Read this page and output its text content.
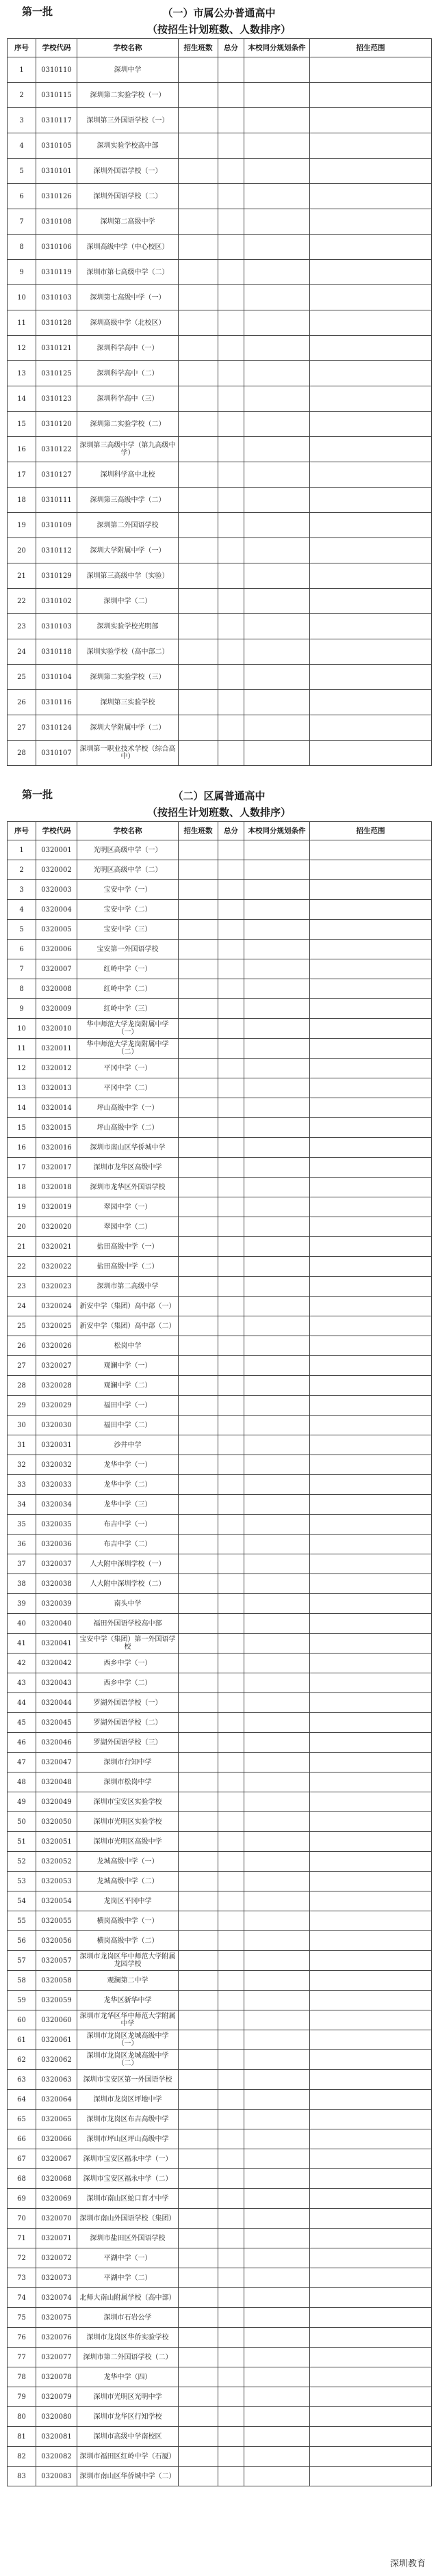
第一批	（一）市属公办普通高中
（按招生计划班数、人数排序）
序号	学校代码	学校名称	招生班数	总分	本校同分规划条件	招生范围
1	0310110	深圳中学				
2	0310115	深圳第二实验学校（一）				
3	0310117	深圳第三外国语学校（一）				
4	0310105	深圳实验学校高中部				
5	0310101	深圳外国语学校（一）				
6	0310126	深圳外国语学校（二）				
7	0310108	深圳第二高级中学				
8	0310106	深圳高级中学（中心校区）				
9	0310119	深圳市第七高级中学（二）				
10	0310103	深圳第七高级中学（一）				
11	0310128	深圳高级中学（北校区）				
12	0310121	深圳科学高中（一）				
13	0310125	深圳科学高中（二）				
14	0310123	深圳科学高中（三）				
15	0310120	深圳第二实验学校（二）				
16	0310122	深圳第三高级中学（第九高级中学）				
17	0310127	深圳科学高中北校				
18	0310111	深圳第三高级中学（二）				
19	0310109	深圳第二外国语学校				
20	0310112	深圳大学附属中学（一）				
21	0310129	深圳第三高级中学（实验）				
22	0310102	深圳中学（二）				
23	0310103	深圳实验学校光明部				
24	0310118	深圳实验学校（高中部二）				
25	0310104	深圳第二实验学校（三）				
26	0310116	深圳第三实验学校				
27	0310124	深圳大学附属中学（二）				
28	0310107	深圳第一职业技术学校（综合高中）				
第一批	（二）区属普通高中
（按招生计划班数、人数排序）
序号	学校代码	学校名称	招生班数	总分	本校同分规划条件	招生范围
1	0320001	光明区高级中学（一）				
2	0320002	光明区高级中学（二）				
3	0320003	宝安中学（一）				
4	0320004	宝安中学（二）				
5	0320005	宝安中学（三）				
6	0320006	宝安第一外国语学校				
7	0320007	红岭中学（一）				
8	0320008	红岭中学（二）				
9	0320009	红岭中学（三）				
10	0320010	华中师范大学龙岗附属中学（一）				
11	0320011	华中师范大学龙岗附属中学（二）				
12	0320012	平冈中学（一）				
13	0320013	平冈中学（二）				
14	0320014	坪山高级中学（一）				
15	0320015	坪山高级中学（二）				
16	0320016	深圳市南山区华侨城中学				
17	0320017	深圳市龙华区高级中学				
18	0320018	深圳市龙华区外国语学校				
19	0320019	翠园中学（一）				
20	0320020	翠园中学（二）				
21	0320021	盐田高级中学（一）				
22	0320022	盐田高级中学（二）				
23	0320023	深圳市第二高级中学				
24	0320024	新安中学（集团）高中部（一）				
25	0320025	新安中学（集团）高中部（二）				
26	0320026	松岗中学				
27	0320027	观澜中学（一）				
28	0320028	观澜中学（二）				
29	0320029	福田中学（一）				
30	0320030	福田中学（二）				
31	0320031	沙井中学				
32	0320032	龙华中学（一）				
33	0320033	龙华中学（二）				
34	0320034	龙华中学（三）				
35	0320035	布吉中学（一）				
36	0320036	布吉中学（二）				
37	0320037	人大附中深圳学校（一）				
38	0320038	人大附中深圳学校（二）				
39	0320039	南头中学				
40	0320040	福田外国语学校高中部				
41	0320041	宝安中学（集团）第一外国语学校				
42	0320042	西乡中学（一）				
43	0320043	西乡中学（二）				
44	0320044	罗湖外国语学校（一）				
45	0320045	罗湖外国语学校（二）				
46	0320046	罗湖外国语学校（三）				
47	0320047	深圳市行知中学				
48	0320048	深圳市松岗中学				
49	0320049	深圳市宝安区实验学校				
50	0320050	深圳市光明区实验学校				
51	0320051	深圳市光明区高级中学				
52	0320052	龙城高级中学（一）				
53	0320053	龙城高级中学（二）				
54	0320054	龙岗区平冈中学				
55	0320055	横岗高级中学（一）				
56	0320056	横岗高级中学（二）				
57	0320057	深圳市龙岗区华中师范大学附属龙园学校				
58	0320058	观澜第二中学				
59	0320059	龙华区新华中学				
60	0320060	深圳市龙华区华中师范大学附属中学				
61	0320061	深圳市龙岗区龙城高级中学（一）				
62	0320062	深圳市龙岗区龙城高级中学（二）				
63	0320063	深圳市宝安区第一外国语学校				
64	0320064	深圳市龙岗区坪地中学				
65	0320065	深圳市龙岗区布吉高级中学				
66	0320066	深圳市坪山区坪山高级中学				
67	0320067	深圳市宝安区福永中学（一）				
68	0320068	深圳市宝安区福永中学（二）				
69	0320069	深圳市南山区蛇口育才中学				
70	0320070	深圳市南山外国语学校（集团）				
71	0320071	深圳市盐田区外国语学校				
72	0320072	平湖中学（一）				
73	0320073	平湖中学（二）				
74	0320074	北师大南山附属学校（高中部）				
75	0320075	深圳市石岩公学				
76	0320076	深圳市龙岗区华侨实验学校				
77	0320077	深圳市第二外国语学校（二）				
78	0320078	龙华中学（四）				
79	0320079	深圳市光明区光明中学				
80	0320080	深圳市龙华区行知学校				
81	0320081	深圳市高级中学南校区				
82	0320082	深圳市福田区红岭中学（石厦）				
83	0320083	深圳市南山区华侨城中学（二）				
深圳教育
